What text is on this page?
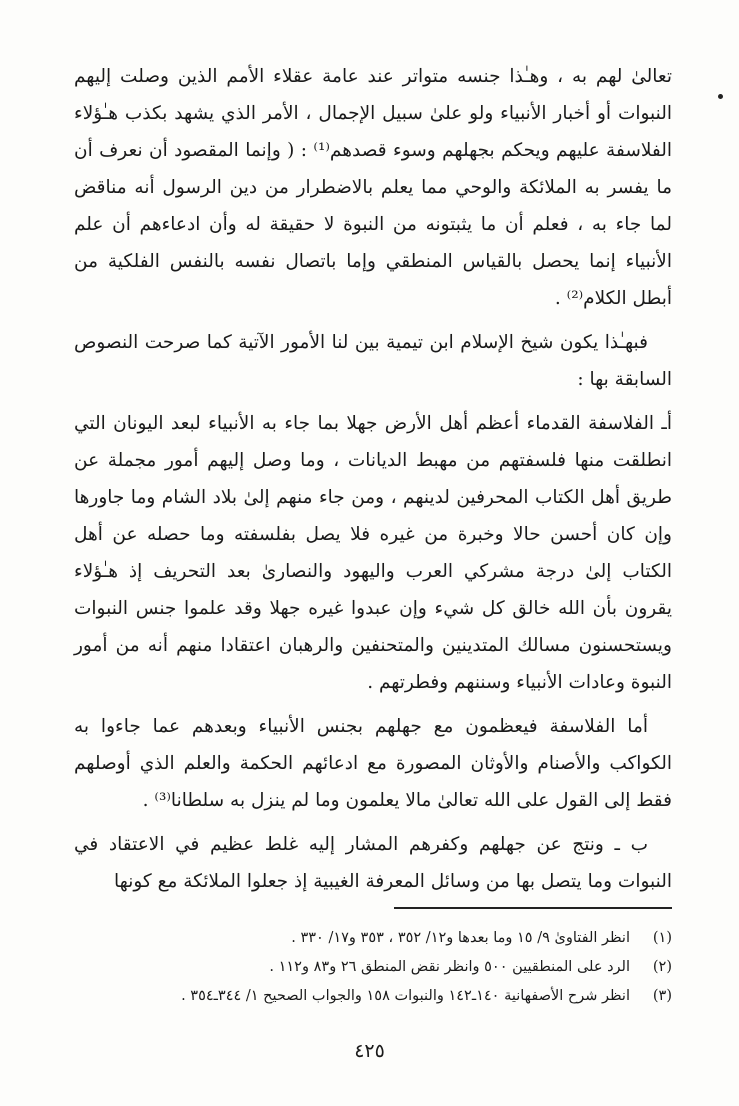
تعالىٰ لهم به ، وهـٰذا جنسه متواتر عند عامة عقلاء الأمم الذين وصلت إليهم النبوات أو أخبار الأنبياء ولو علىٰ سبيل الإجمال ، الأمر الذي يشهد بكذب هـٰؤلاء الفلاسفة عليهم ويحكم بجهلهم وسوء قصدهم⁽¹⁾ : ( وإنما المقصود أن نعرف أن ما يفسر به الملائكة والوحي مما يعلم بالاضطرار من دين الرسول أنه مناقض لما جاء به ، فعلم أن ما يثبتونه من النبوة لا حقيقة له وأن ادعاءهم أن علم الأنبياء إنما يحصل بالقياس المنطقي وإما باتصال نفسه بالنفس الفلكية من أبطل الكلام⁽²⁾ .

فبهـٰذا يكون شيخ الإسلام ابن تيمية بين لنا الأمور الآتية كما صرحت النصوص السابقة بها :

أـ الفلاسفة القدماء أعظم أهل الأرض جهلا بما جاء به الأنبياء لبعد اليونان التي انطلقت منها فلسفتهم من مهبط الديانات ، وما وصل إليهم أمور مجملة عن طريق أهل الكتاب المحرفين لدينهم ، ومن جاء منهم إلىٰ بلاد الشام وما جاورها وإن كان أحسن حالا وخبرة من غيره فلا يصل بفلسفته وما حصله عن أهل الكتاب إلىٰ درجة مشركي العرب واليهود والنصارىٰ بعد التحريف إذ هـٰؤلاء يقرون بأن الله خالق كل شيء وإن عبدوا غيره جهلا وقد علموا جنس النبوات ويستحسنون مسالك المتدينين والمتحنفين والرهبان اعتقادا منهم أنه من أمور النبوة وعادات الأنبياء وسننهم وفطرتهم .

أما الفلاسفة فيعظمون مع جهلهم بجنس الأنبياء وبعدهم عما جاءوا به الكواكب والأصنام والأوثان المصورة مع ادعائهم الحكمة والعلم الذي أوصلهم فقط إلى القول على الله تعالىٰ مالا يعلمون وما لم ينزل به سلطانا⁽³⁾ .

ب ـ ونتج عن جهلهم وكفرهم المشار إليه غلط عظيم في الاعتقاد في النبوات وما يتصل بها من وسائل المعرفة الغيبية إذ جعلوا الملائكة مع كونها

(١)
انظر الفتاوىٰ ٩/ ١٥ وما بعدها و١٢/ ٣٥٢ ، ٣٥٣ و١٧/ ٣٣٠ .
(٢)
الرد على المنطقيين ٥٠٠ وانظر نقض المنطق ٢٦ و٨٣ و١١٢ .
(٣)
انظر شرح الأصفهانية ١٤٠ـ١٤٢ والنبوات ١٥٨ والجواب الصحيح ١/ ٣٤٤ـ٣٥٤ .
٤٢٥
